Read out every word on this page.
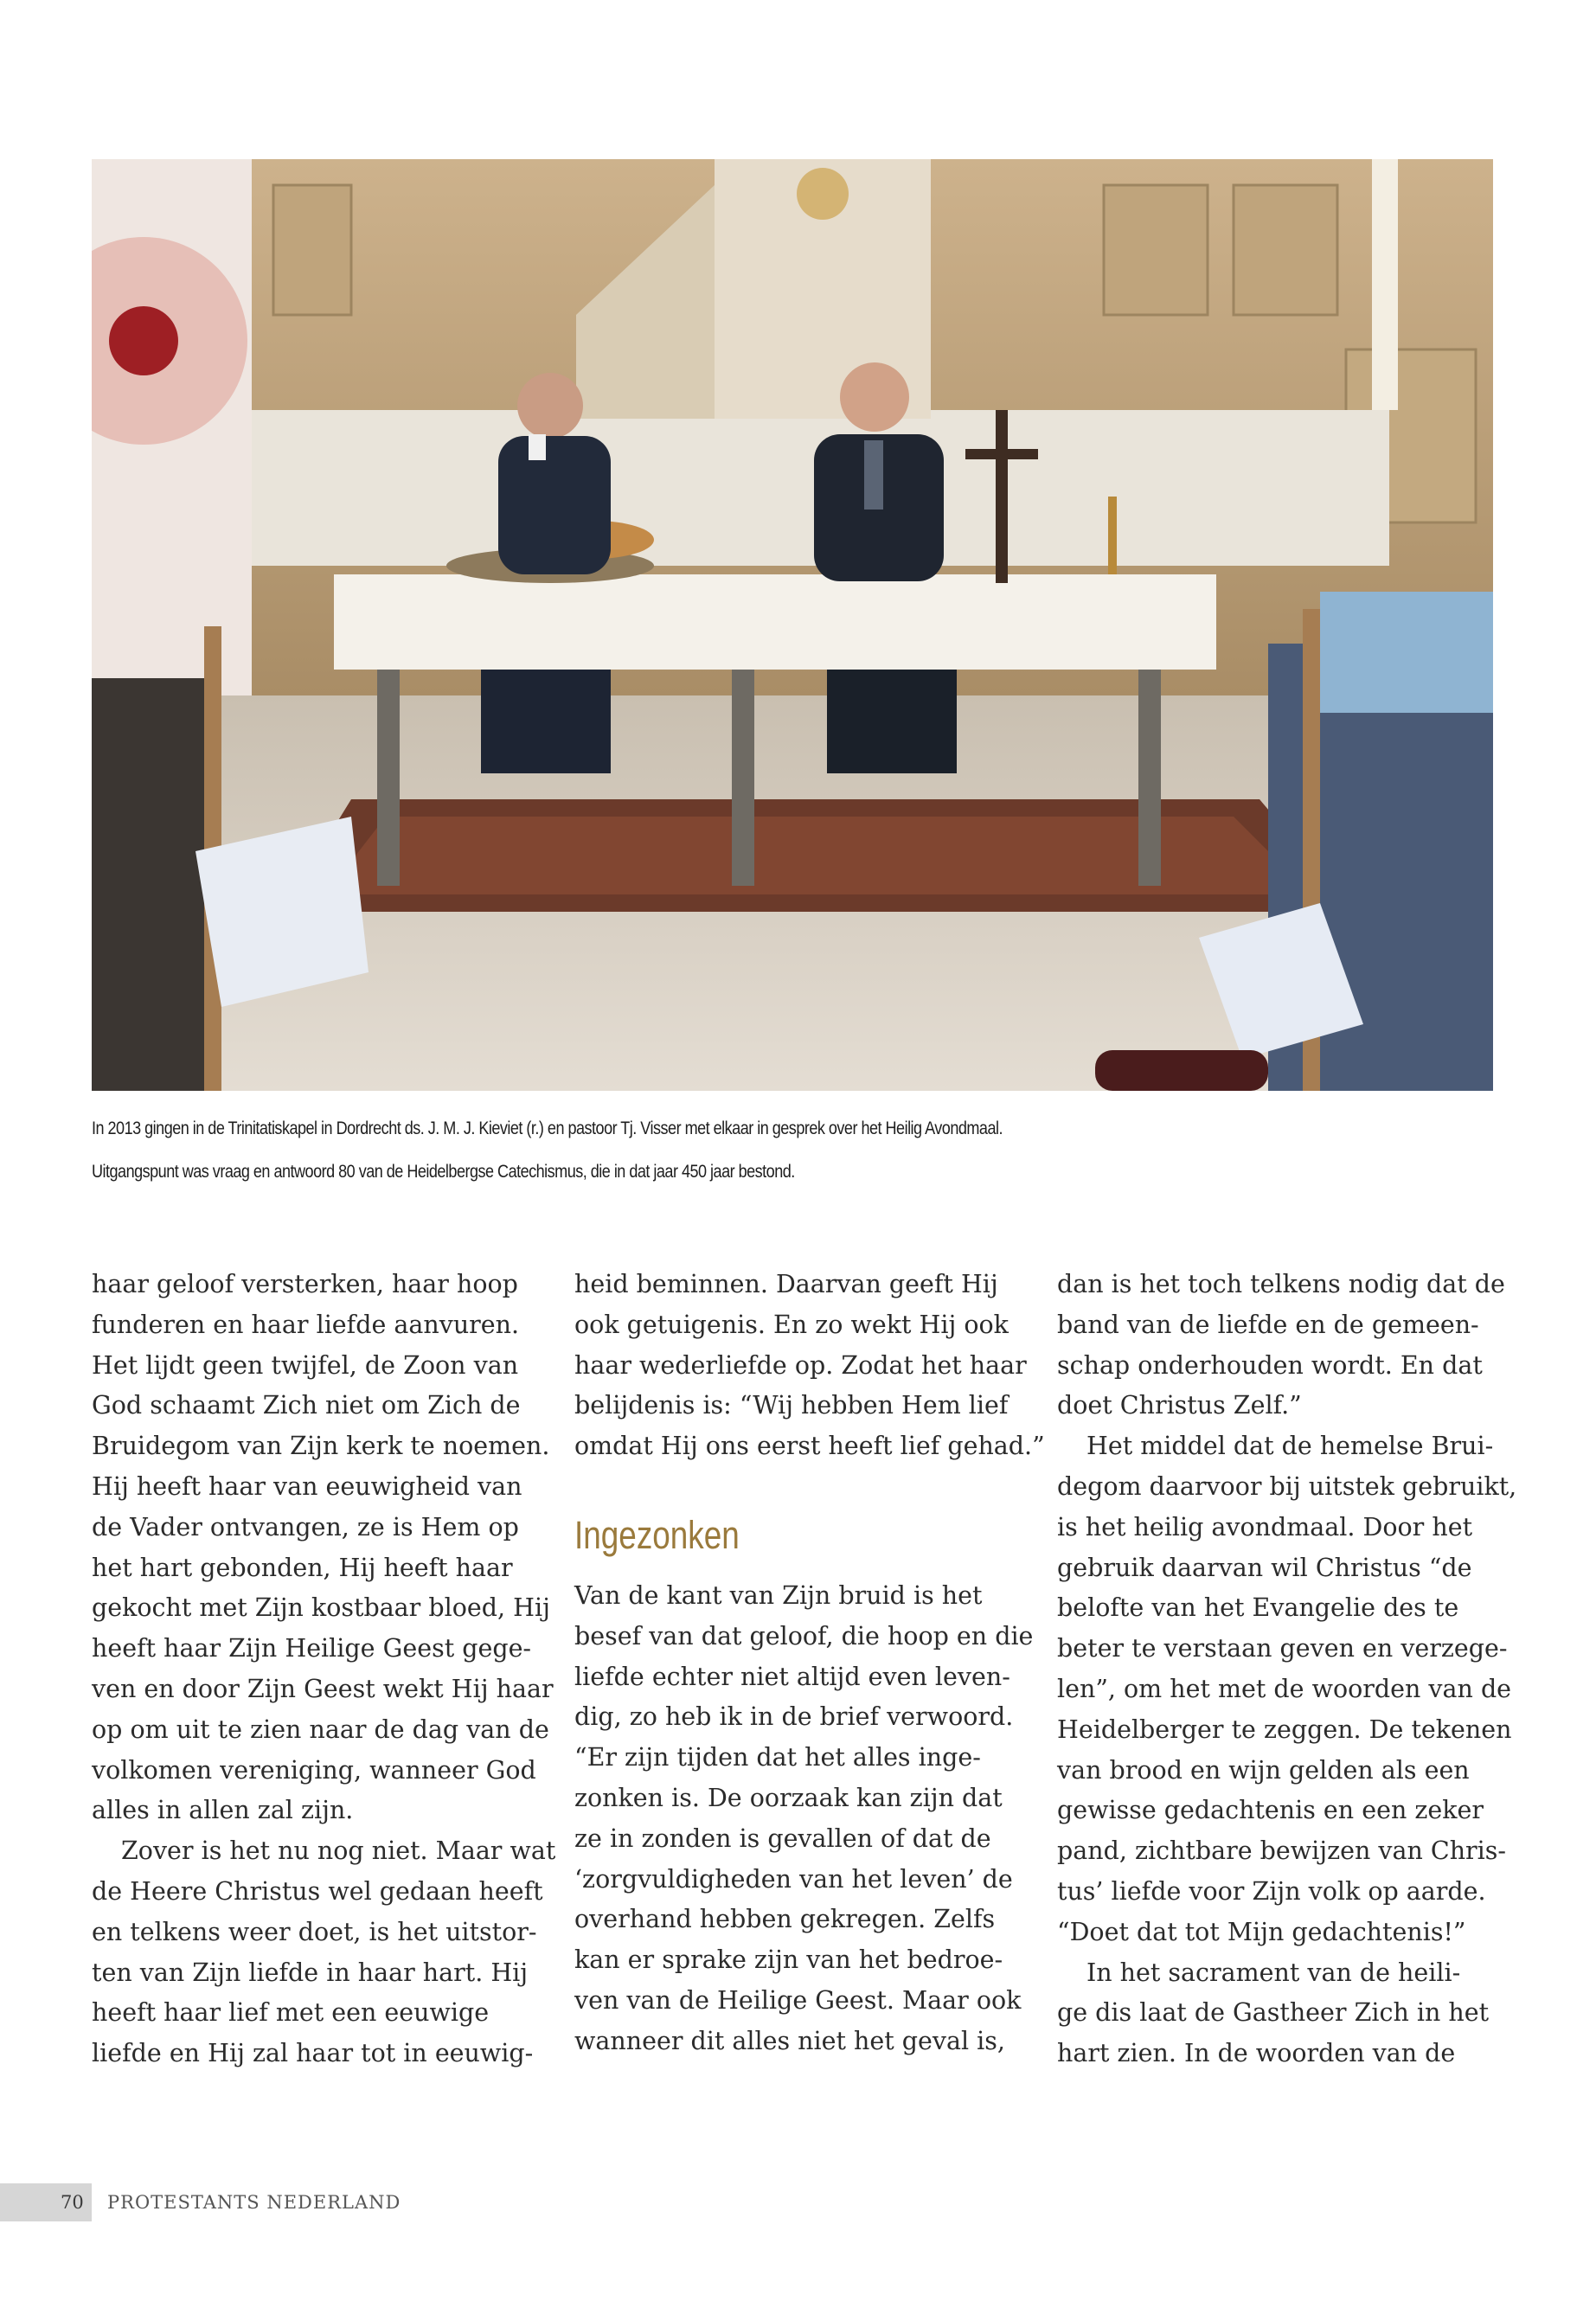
In 2013 gingen in de Trinitatiskapel in Dordrecht ds. J. M. J. Kieviet (r.) en pastoor Tj. Visser met elkaar in gesprek over het Heilig Avondmaal.
Uitgangspunt was vraag en antwoord 80 van de Heidelbergse Catechismus, die in dat jaar 450 jaar bestond.
haar geloof versterken, haar hoop
funderen en haar liefde aanvuren.
Het lijdt geen twijfel, de Zoon van
God schaamt Zich niet om Zich de
Bruidegom van Zijn kerk te noemen.
Hij heeft haar van eeuwigheid van
de Vader ontvangen, ze is Hem op
het hart gebonden, Hij heeft haar
gekocht met Zijn kostbaar bloed, Hij
heeft haar Zijn Heilige Geest gege-
ven en door Zijn Geest wekt Hij haar
op om uit te zien naar de dag van de
volkomen vereniging, wanneer God
alles in allen zal zijn.
Zover is het nu nog niet. Maar wat
de Heere Christus wel gedaan heeft
en telkens weer doet, is het uitstor-
ten van Zijn liefde in haar hart. Hij
heeft haar lief met een eeuwige
liefde en Hij zal haar tot in eeuwig-
heid beminnen. Daarvan geeft Hij
ook getuigenis. En zo wekt Hij ook
haar wederliefde op. Zodat het haar
belijdenis is: “Wij hebben Hem lief
omdat Hij ons eerst heeft lief gehad.”
Ingezonken
Van de kant van Zijn bruid is het
besef van dat geloof, die hoop en die
liefde echter niet altijd even leven-
dig, zo heb ik in de brief verwoord.
“Er zijn tijden dat het alles inge-
zonken is. De oorzaak kan zijn dat
ze in zonden is gevallen of dat de
‘zorgvuldigheden van het leven’ de
overhand hebben gekregen. Zelfs
kan er sprake zijn van het bedroe-
ven van de Heilige Geest. Maar ook
wanneer dit alles niet het geval is,
dan is het toch telkens nodig dat de
band van de liefde en de gemeen-
schap onderhouden wordt. En dat
doet Christus Zelf.”
Het middel dat de hemelse Brui-
degom daarvoor bij uitstek gebruikt,
is het heilig avondmaal. Door het
gebruik daarvan wil Christus “de
belofte van het Evangelie des te
beter te verstaan geven en verzege-
len”, om het met de woorden van de
Heidelberger te zeggen. De tekenen
van brood en wijn gelden als een
gewisse gedachtenis en een zeker
pand, zichtbare bewijzen van Chris-
tus’ liefde voor Zijn volk op aarde.
“Doet dat tot Mijn gedachtenis!”
In het sacrament van de heili-
ge dis laat de Gastheer Zich in het
hart zien. In de woorden van de
70 PROTESTANTS NEDERLAND
